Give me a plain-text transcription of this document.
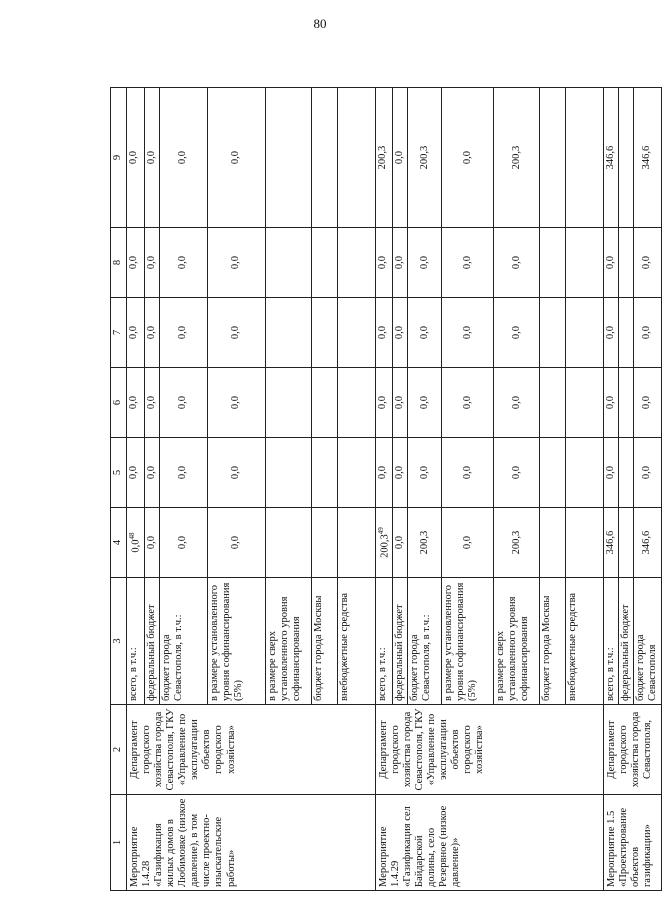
80
1	2	3	4	5	6	7	8	9
Мероприятие 1.4.28 «Газификация жилых домов в Любимовке (низкое давление), в том числе проектно-изыскательские работы»	Департамент городского хозяйства города Севастополя, ГКУ «Управление по эксплуатации объектов городского хозяйства»	всего, в т.ч.:	$0,0^{48}$	0,0	0,0	0,0	0,0	0,0
		федеральный бюджет	0,0	0,0	0,0	0,0	0,0	0,0
		бюджет города Севастополя, в т.ч.:	0,0	0,0	0,0	0,0	0,0	0,0
		в размере установленного уровня софинансирования (5%)	0,0	0,0	0,0	0,0	0,0	0,0
		в размере сверх установленного уровня софинансирования						
		бюджет города Москвы						
		внебюджетные средства						
Мероприятие 1.4.29 «Газификация сел Байдарской долины, село Резервное (низкое давление)»	Департамент городского хозяйства города Севастополя, ГКУ «Управление по эксплуатации объектов городского хозяйства»	всего, в т.ч.:	200,3$^{49}$	0,0	0,0	0,0	0,0	200,3
		федеральный бюджет	0,0	0,0	0,0	0,0	0,0	0,0
		бюджет города Севастополя, в т.ч.:	200,3	0,0	0,0	0,0	0,0	200,3
		в размере установленного уровня софинансирования (5%)	0,0	0,0	0,0	0,0	0,0	0,0
		в размере сверх установленного уровня софинансирования	200,3	0,0	0,0	0,0	0,0	200,3
		бюджет города Москвы						
		внебюджетные средства						
Мероприятие 1.5 «Проектирование объектов газификации»	Департамент городского хозяйства города Севастополя,	всего, в т.ч.:	346,6	0,0	0,0	0,0	0,0	346,6
		федеральный бюджет						
		бюджет города Севастополя	346,6	0,0	0,0	0,0	0,0	346,6
